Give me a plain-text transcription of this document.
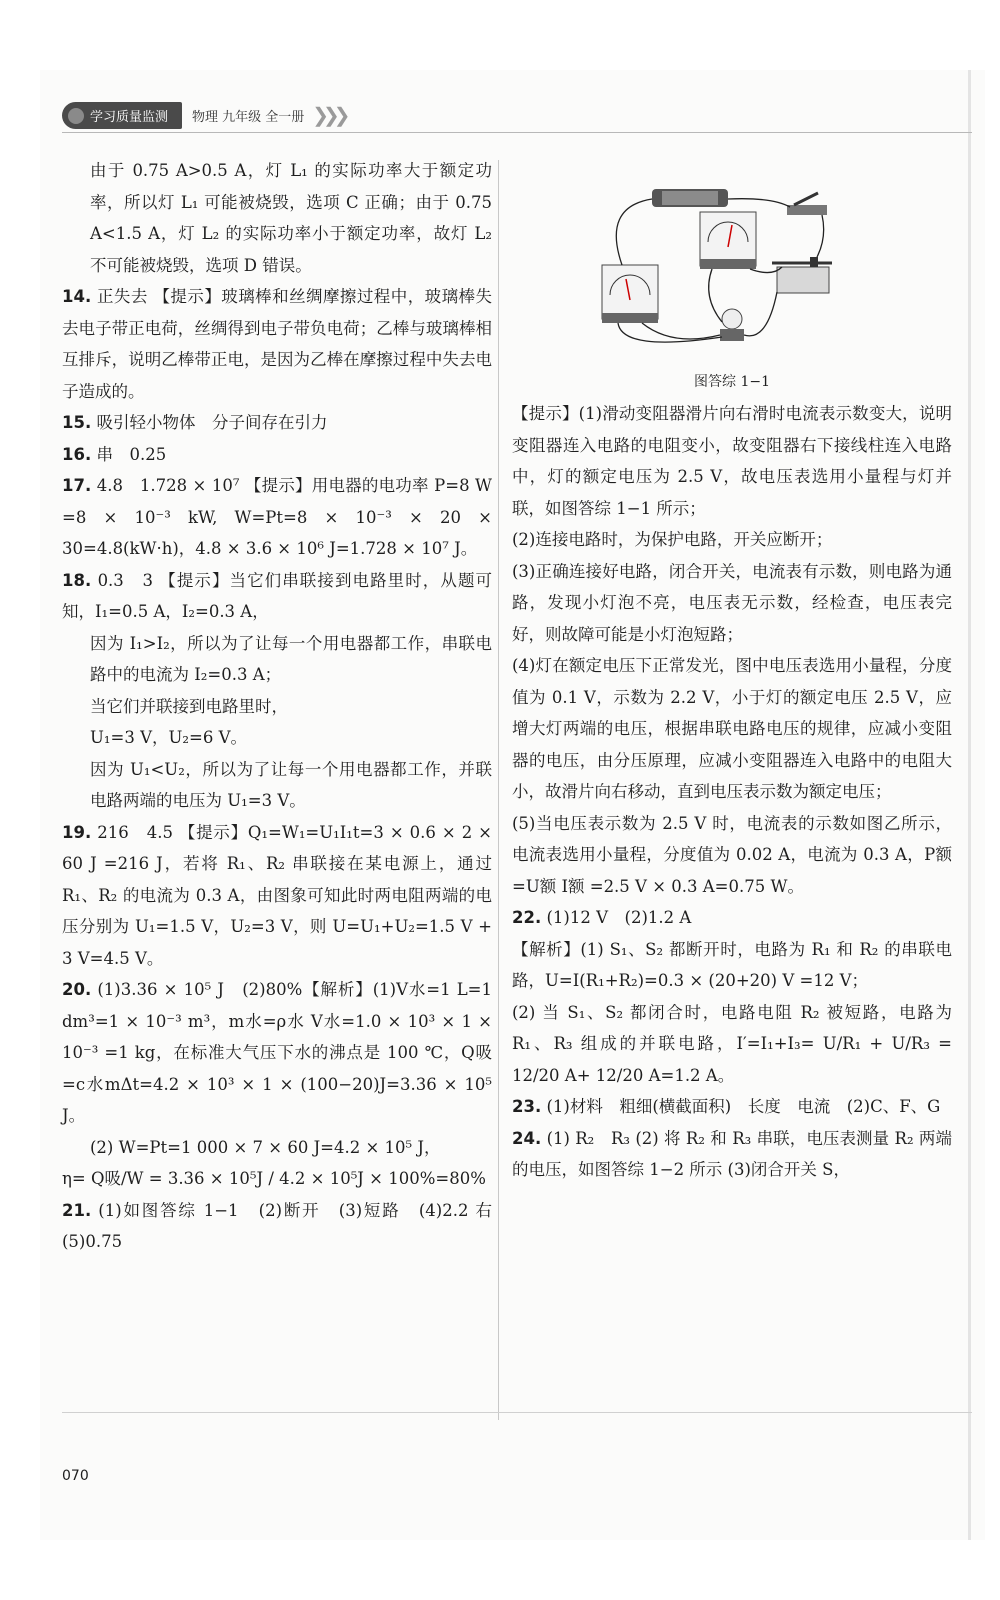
学习质量监测	物理 九年级 全一册 ❯❯❯

由于 0.75 A>0.5 A，灯 L₁ 的实际功率大于额定功率，所以灯 L₁ 可能被烧毁，选项 C 正确；由于 0.75 A<1.5 A，灯 L₂ 的实际功率小于额定功率，故灯 L₂ 不可能被烧毁，选项 D 错误。

14. 正失去 【提示】玻璃棒和丝绸摩擦过程中，玻璃棒失去电子带正电荷，丝绸得到电子带负电荷；乙棒与玻璃棒相互排斥，说明乙棒带正电，是因为乙棒在摩擦过程中失去电子造成的。

15. 吸引轻小物体　分子间存在引力

16. 串　0.25

17. 4.8　1.728 × 10⁷ 【提示】用电器的电功率 P=8 W =8 × 10⁻³ kW, W=Pt=8 × 10⁻³ × 20 × 30=4.8(kW·h)，4.8 × 3.6 × 10⁶ J=1.728 × 10⁷ J。

18. 0.3　3 【提示】当它们串联接到电路里时，从题可知，I₁=0.5 A，I₂=0.3 A，

因为 I₁>I₂，所以为了让每一个用电器都工作，串联电路中的电流为 I₂=0.3 A；

当它们并联接到电路里时，

U₁=3 V，U₂=6 V。

因为 U₁<U₂，所以为了让每一个用电器都工作，并联电路两端的电压为 U₁=3 V。

19. 216　4.5 【提示】Q₁=W₁=U₁I₁t=3 × 0.6 × 2 × 60 J =216 J，若将 R₁、R₂ 串联接在某电源上，通过 R₁、R₂ 的电流为 0.3 A，由图象可知此时两电阻两端的电压分别为 U₁=1.5 V，U₂=3 V，则 U=U₁+U₂=1.5 V + 3 V=4.5 V。

20. (1)3.36 × 10⁵ J　(2)80%【解析】(1)V水=1 L=1 dm³=1 × 10⁻³ m³，m水=ρ水 V水=1.0 × 10³ × 1 × 10⁻³ =1 kg，在标准大气压下水的沸点是 100 ℃，Q吸=c水mΔt=4.2 × 10³ × 1 × (100−20)J=3.36 × 10⁵ J。

(2) W=Pt=1 000 × 7 × 60 J=4.2 × 10⁵ J，

η= Q吸/W = 3.36 × 10⁵J / 4.2 × 10⁵J × 100%=80%

21. (1)如图答综 1−1　(2)断开　(3)短路　(4)2.2 右 (5)0.75

图答综 1−1

【提示】(1)滑动变阻器滑片向右滑时电流表示数变大，说明变阻器连入电路的电阻变小，故变阻器右下接线柱连入电路中，灯的额定电压为 2.5 V，故电压表选用小量程与灯并联，如图答综 1−1 所示；

(2)连接电路时，为保护电路，开关应断开；

(3)正确连接好电路，闭合开关，电流表有示数，则电路为通路，发现小灯泡不亮，电压表无示数，经检查，电压表完好，则故障可能是小灯泡短路；

(4)灯在额定电压下正常发光，图中电压表选用小量程，分度值为 0.1 V，示数为 2.2 V，小于灯的额定电压 2.5 V，应增大灯两端的电压，根据串联电路电压的规律，应减小变阻器的电压，由分压原理，应减小变阻器连入电路中的电阻大小，故滑片向右移动，直到电压表示数为额定电压；

(5)当电压表示数为 2.5 V 时，电流表的示数如图乙所示，电流表选用小量程，分度值为 0.02 A，电流为 0.3 A，P额=U额 I额 =2.5 V × 0.3 A=0.75 W。

22. (1)12 V　(2)1.2 A

【解析】(1) S₁、S₂ 都断开时，电路为 R₁ 和 R₂ 的串联电路，U=I(R₁+R₂)=0.3 × (20+20) V =12 V；

(2) 当 S₁、S₂ 都闭合时，电路电阻 R₂ 被短路，电路为 R₁、R₃ 组成的并联电路，I′=I₁+I₃= U/R₁ + U/R₃ = 12/20 A+ 12/20 A=1.2 A。

23. (1)材料　粗细(横截面积)　长度　电流　(2)C、F、G

24. (1) R₂　R₃ (2) 将 R₂ 和 R₃ 串联，电压表测量 R₂ 两端的电压，如图答综 1−2 所示 (3)闭合开关 S，

070
